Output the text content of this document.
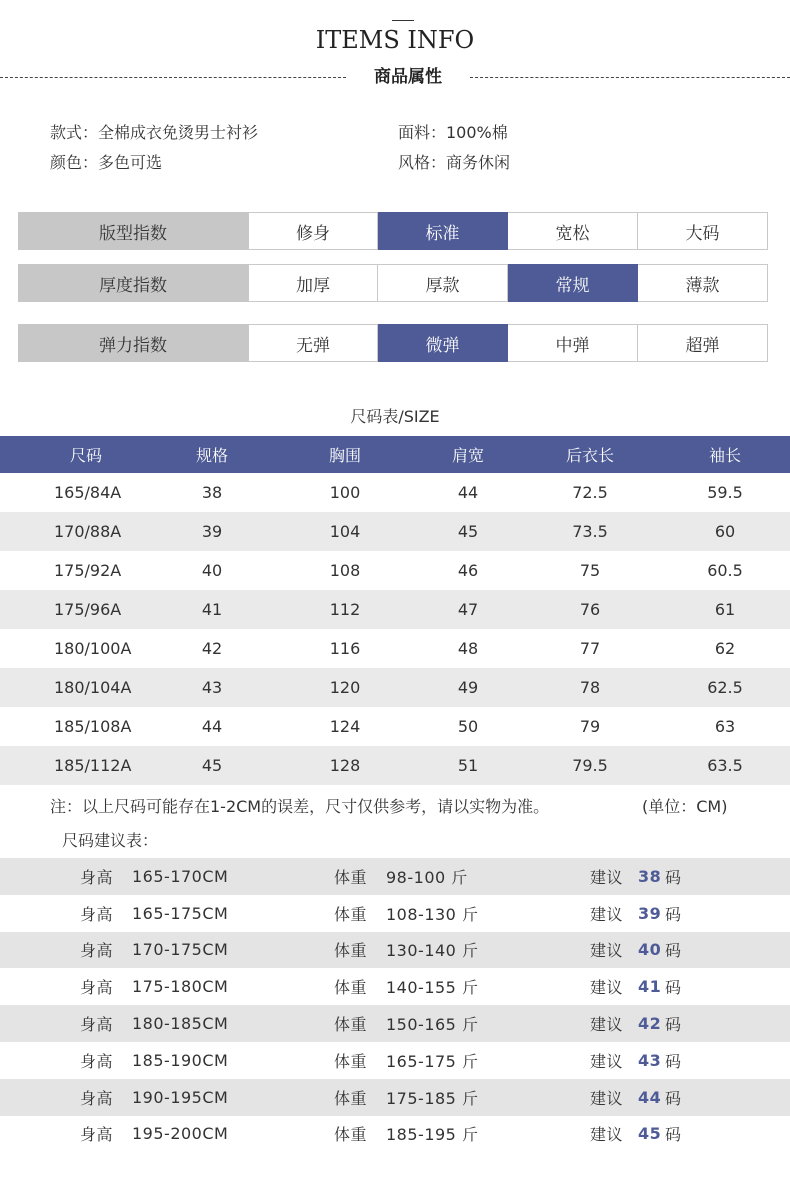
ITEMS INFO
商品属性
款式：全棉成衣免烫男士衬衫	面料：100%棉
颜色：多色可选	风格：商务休闲
版型指数	修身	标准	宽松	大码
厚度指数	加厚	厚款	常规	薄款
弹力指数	无弹	微弹	中弹	超弹
尺码表/SIZE
尺码	规格	胸围	肩宽	后衣长	袖长
165/84A	38	100	44	72.5	59.5
170/88A	39	104	45	73.5	60
175/92A	40	108	46	75	60.5
175/96A	41	112	47	76	61
180/100A	42	116	48	77	62
180/104A	43	120	49	78	62.5
185/108A	44	124	50	79	63
185/112A	45	128	51	79.5	63.5
注：以上尺码可能存在1-2CM的误差，尺寸仅供参考，请以实物为准。	(单位：CM)
尺码建议表：
身高 165-170CM	体重 98-100 斤	建议 38 码
身高 165-175CM	体重 108-130 斤	建议 39 码
身高 170-175CM	体重 130-140 斤	建议 40 码
身高 175-180CM	体重 140-155 斤	建议 41 码
身高 180-185CM	体重 150-165 斤	建议 42 码
身高 185-190CM	体重 165-175 斤	建议 43 码
身高 190-195CM	体重 175-185 斤	建议 44 码
身高 195-200CM	体重 185-195 斤	建议 45 码
